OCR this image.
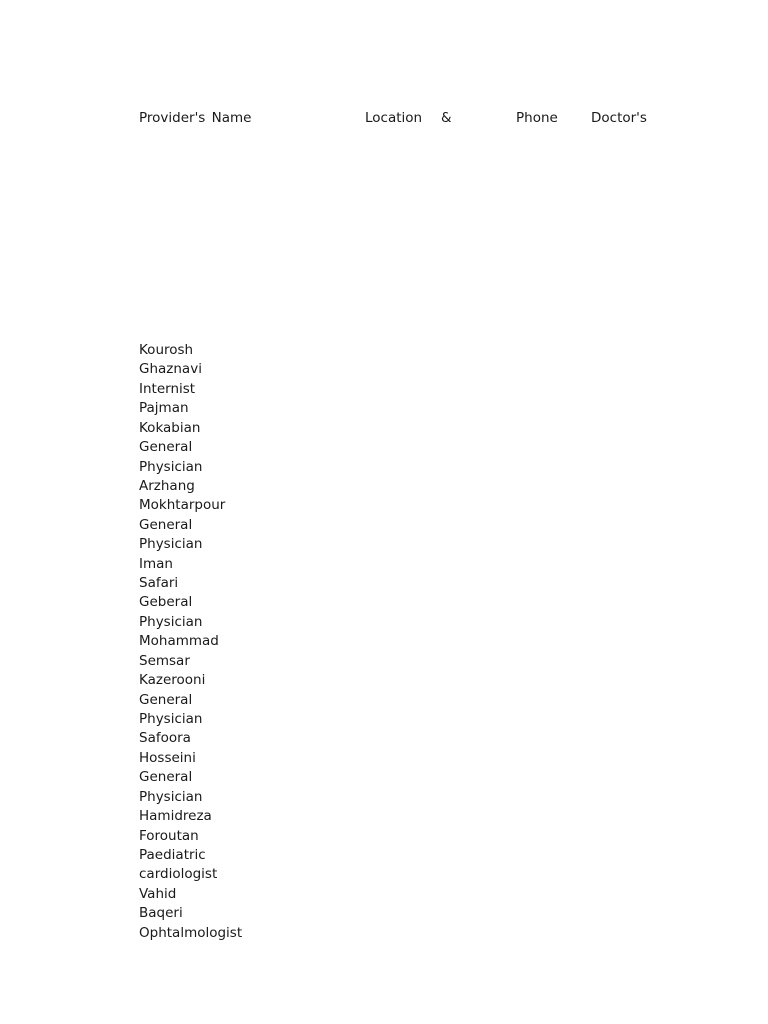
Provider's Name	Location &	Phone Doctor's
Kourosh
Ghaznavi
Internist
Pajman
Kokabian
General
Physician
Arzhang
Mokhtarpour
General
Physician
Iman
Safari
Geberal
Physician
Mohammad
Semsar
Kazerooni
General
Physician
Safoora
Hosseini
General
Physician
Hamidreza
Foroutan
Paediatric
cardiologist
Vahid
Baqeri
Ophtalmologist
